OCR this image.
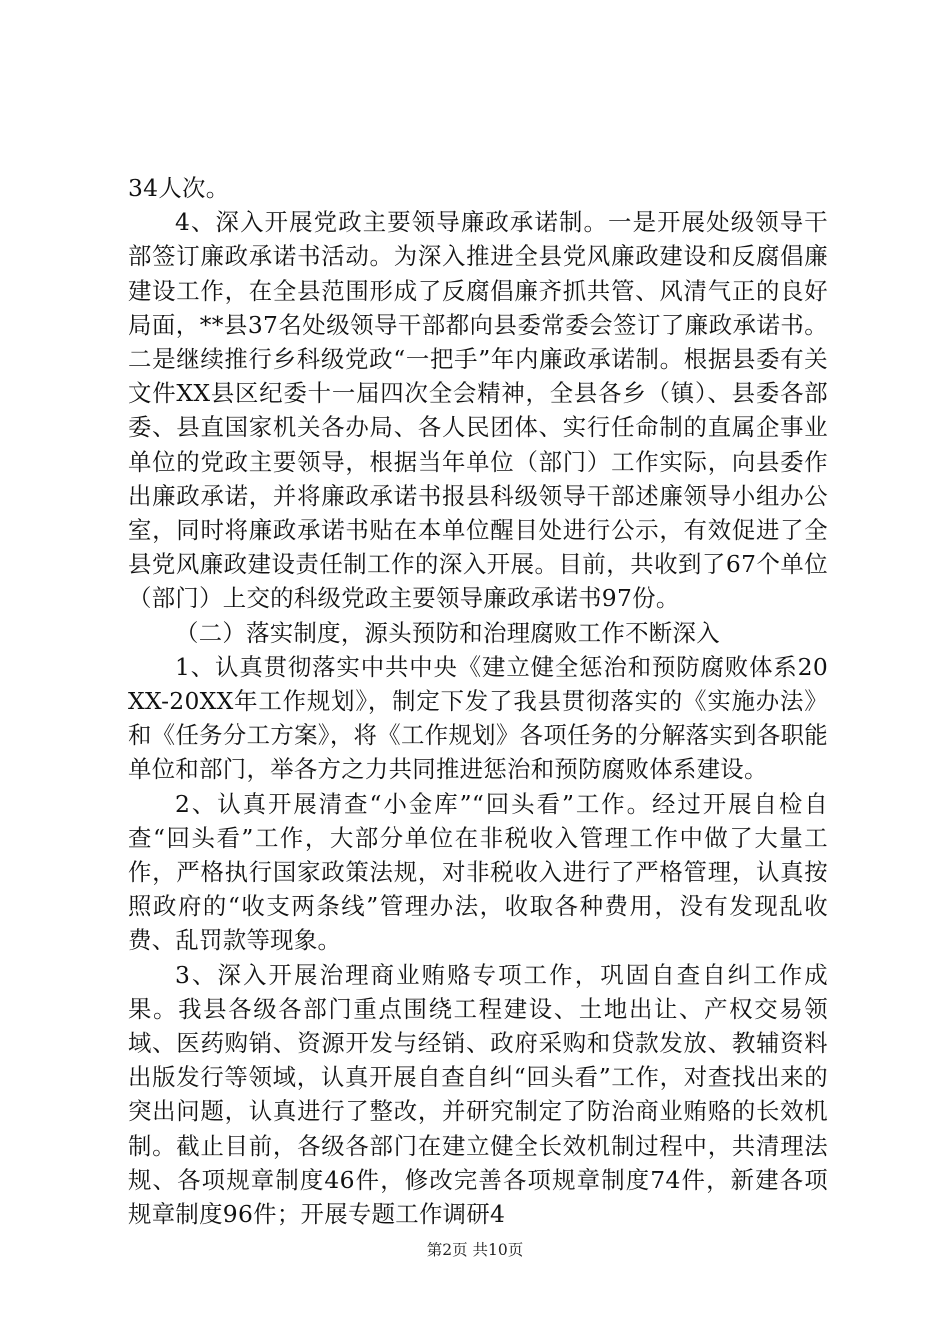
34人次。

4、深入开展党政主要领导廉政承诺制。一是开展处级领导干部签订廉政承诺书活动。为深入推进全县党风廉政建设和反腐倡廉建设工作，在全县范围形成了反腐倡廉齐抓共管、风清气正的良好局面，**县37名处级领导干部都向县委常委会签订了廉政承诺书。二是继续推行乡科级党政“一把手”年内廉政承诺制。根据县委有关文件XX县区纪委十一届四次全会精神，全县各乡（镇）、县委各部委、县直国家机关各办局、各人民团体、实行任命制的直属企事业单位的党政主要领导，根据当年单位（部门）工作实际，向县委作出廉政承诺，并将廉政承诺书报县科级领导干部述廉领导小组办公室，同时将廉政承诺书贴在本单位醒目处进行公示，有效促进了全县党风廉政建设责任制工作的深入开展。目前，共收到了67个单位（部门）上交的科级党政主要领导廉政承诺书97份。

（二）落实制度，源头预防和治理腐败工作不断深入

1、认真贯彻落实中共中央《建立健全惩治和预防腐败体系20XX-20XX年工作规划》，制定下发了我县贯彻落实的《实施办法》和《任务分工方案》，将《工作规划》各项任务的分解落实到各职能单位和部门，举各方之力共同推进惩治和预防腐败体系建设。

2、认真开展清查“小金库”“回头看”工作。经过开展自检自查“回头看”工作，大部分单位在非税收入管理工作中做了大量工作，严格执行国家政策法规，对非税收入进行了严格管理，认真按照政府的“收支两条线”管理办法，收取各种费用，没有发现乱收费、乱罚款等现象。

3、深入开展治理商业贿赂专项工作，巩固自查自纠工作成果。我县各级各部门重点围绕工程建设、土地出让、产权交易领域、医药购销、资源开发与经销、政府采购和贷款发放、教辅资料出版发行等领域，认真开展自查自纠“回头看”工作，对查找出来的突出问题，认真进行了整改，并研究制定了防治商业贿赂的长效机制。截止目前，各级各部门在建立健全长效机制过程中，共清理法规、各项规章制度46件，修改完善各项规章制度74件，新建各项规章制度96件；开展专题工作调研4

第2页 共10页
